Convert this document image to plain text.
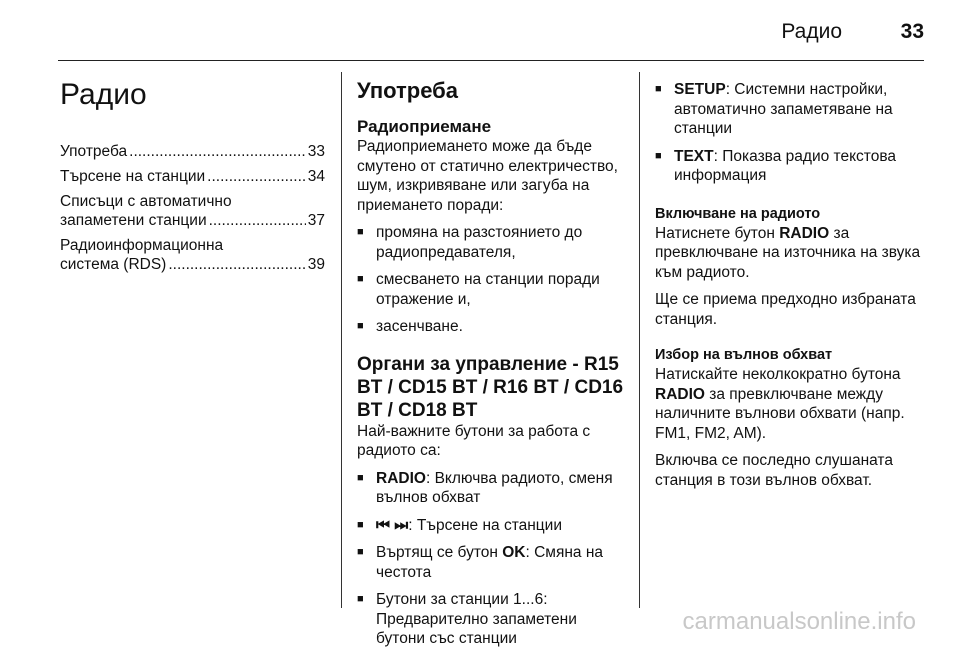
Радио	33
Радио
Употреба .....	33
Търсене на станции .....	34
Списъци с автоматично
запаметени станции .....	37
Радиоинформационна
система (RDS) .....	39
Употреба
Радиоприемане

Радиоприемането може да бъде смутено от статично електричество, шум, изкривяване или загуба на приемането поради:

■ промяна на разстоянието до радиопредавателя,
■ смесването на станции поради отражение и,
■ засенчване.
Органи за управление - R15 BT / CD15 BT / R16 BT / CD16 BT / CD18 BT

Най-важните бутони за работа с радиото са:

■ RADIO: Включва радиото, сменя вълнов обхват
■ ⏮ ⏭: Търсене на станции
■ Въртящ се бутон OK: Смяна на честота
■ Бутони за станции 1...6: Предварително запаметени бутони със станции
■ SETUP: Системни настройки, автоматично запаметяване на станции
■ TEXT: Показва радио текстова информация
Включване на радиото

Натиснете бутон RADIO за превключване на източника на звука към радиото.

Ще се приема предходно избраната станция.

Избор на вълнов обхват

Натискайте неколкократно бутона RADIO за превключване между наличните вълнови обхвати (напр. FM1, FM2, AM).

Включва се последно слушаната станция в този вълнов обхват.

carmanualsonline.info
